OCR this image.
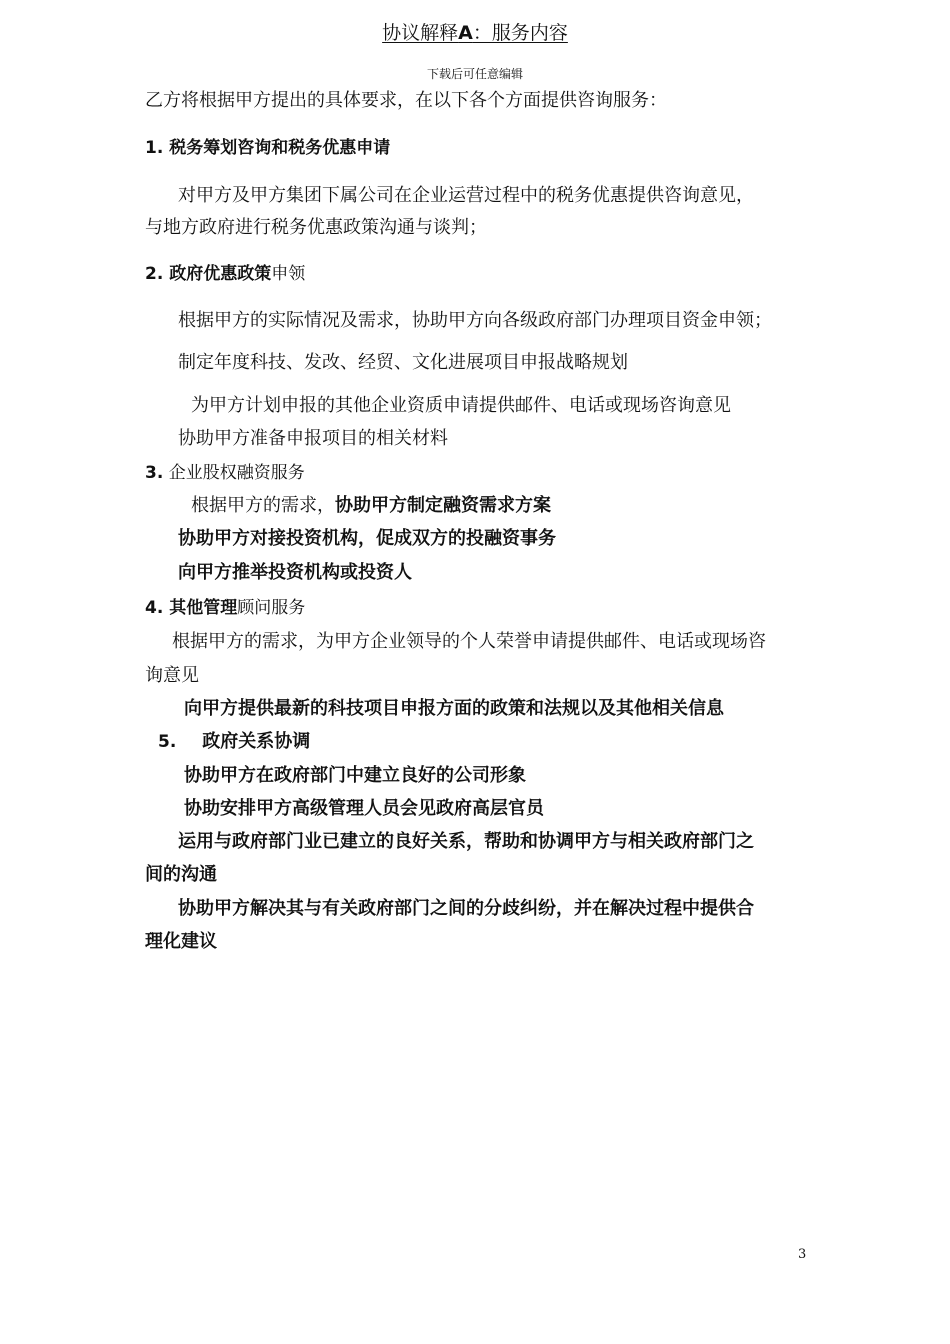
协议解释A：服务内容
下载后可任意编辑
乙方将根据甲方提出的具体要求，在以下各个方面提供咨询服务：
1. 税务筹划咨询和税务优惠申请
对甲方及甲方集团下属公司在企业运营过程中的税务优惠提供咨询意见，
与地方政府进行税务优惠政策沟通与谈判；
2. 政府优惠政策申领
根据甲方的实际情况及需求，协助甲方向各级政府部门办理项目资金申领；
制定年度科技、发改、经贸、文化进展项目申报战略规划
为甲方计划申报的其他企业资质申请提供邮件、电话或现场咨询意见
协助甲方准备申报项目的相关材料
3. 企业股权融资服务
根据甲方的需求，协助甲方制定融资需求方案
协助甲方对接投资机构，促成双方的投融资事务
向甲方推举投资机构或投资人
4. 其他管理顾问服务
根据甲方的需求，为甲方企业领导的个人荣誉申请提供邮件、电话或现场咨
询意见
向甲方提供最新的科技项目申报方面的政策和法规以及其他相关信息
5. 政府关系协调
协助甲方在政府部门中建立良好的公司形象
协助安排甲方高级管理人员会见政府高层官员
运用与政府部门业已建立的良好关系，帮助和协调甲方与相关政府部门之
间的沟通
协助甲方解决其与有关政府部门之间的分歧纠纷，并在解决过程中提供合
理化建议
3
